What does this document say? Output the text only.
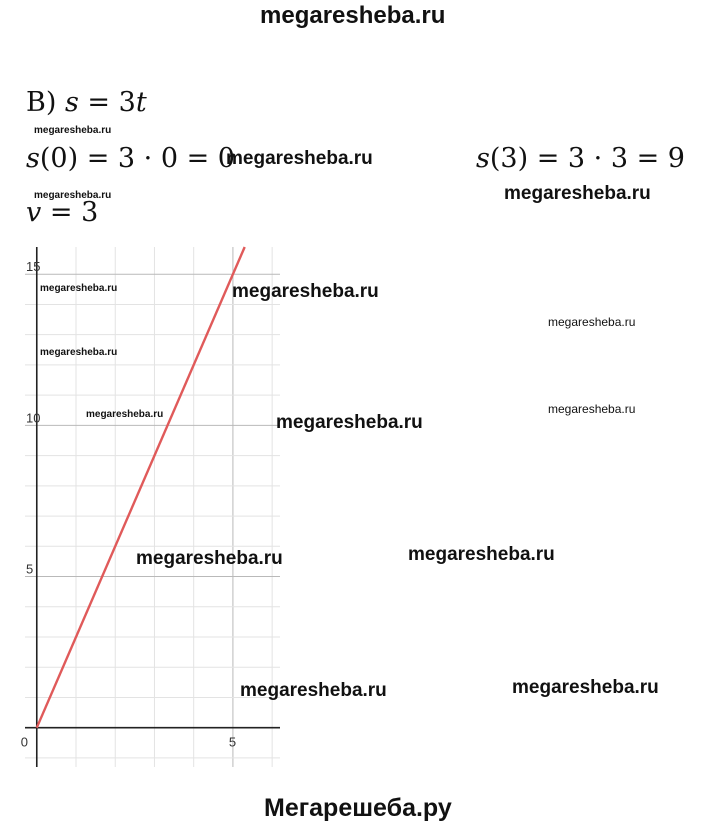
megaresheba.ru
В) s = 3t
s(0) = 3 · 0 = 0	s(3) = 3 · 3 = 9
v = 3
0	5
5
10
15
megaresheba.ru
megaresheba.ru
megaresheba.ru	megaresheba.ru
megaresheba.ru	megaresheba.ru
megaresheba.ru
megaresheba.ru
megaresheba.ru
megaresheba.ru	megaresheba.ru
megaresheba.ru
megaresheba.ru
megaresheba.ru
megaresheba.ru
Мегарешеба.ру
